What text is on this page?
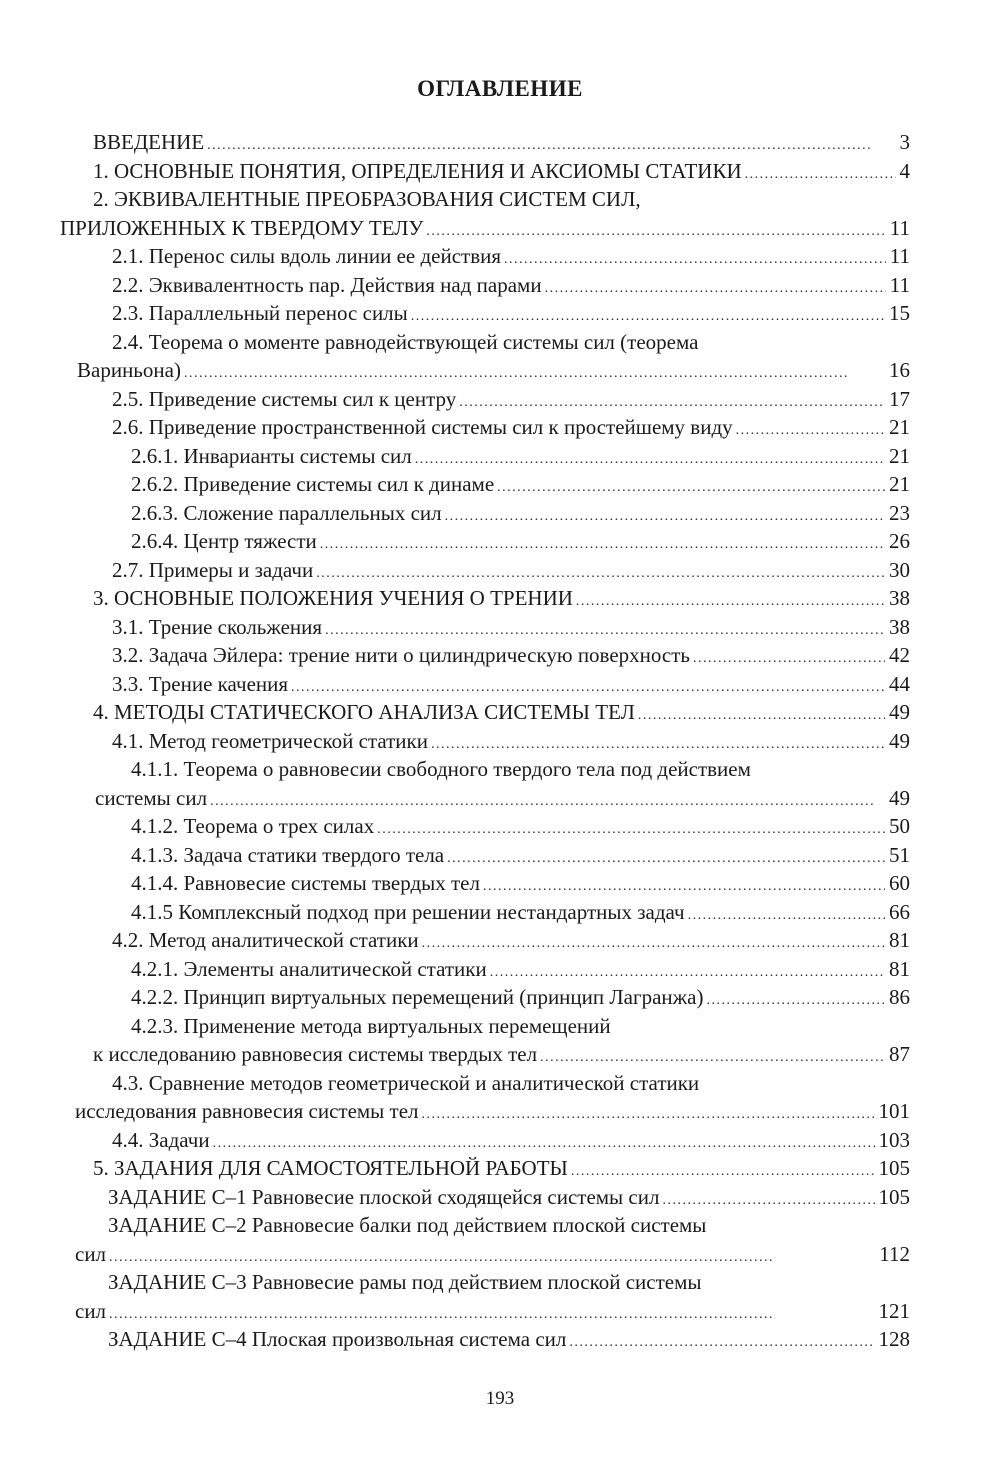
ОГЛАВЛЕНИЕ
ВВЕДЕНИЕ . . .	3
1. ОСНОВНЫЕ ПОНЯТИЯ, ОПРЕДЕЛЕНИЯ И АКСИОМЫ СТАТИКИ . . .	4
2. ЭКВИВАЛЕНТНЫЕ ПРЕОБРАЗОВАНИЯ СИСТЕМ СИЛ,
ПРИЛОЖЕННЫХ К ТВЕРДОМУ ТЕЛУ . . .	11
2.1. Перенос силы вдоль линии ее действия . . .	11
2.2. Эквивалентность пар. Действия над парами . . .	11
2.3. Параллельный перенос силы . . .	15
2.4. Теорема о моменте равнодействующей системы сил (теорема
Вариньона) . . .	16
2.5. Приведение системы сил к центру . . .	17
2.6. Приведение пространственной системы сил к простейшему виду . . .	21
2.6.1. Инварианты системы сил . . .	21
2.6.2. Приведение системы сил к динаме . . .	21
2.6.3. Сложение параллельных сил . . .	23
2.6.4. Центр тяжести . . .	26
2.7. Примеры и задачи . . .	30
3. ОСНОВНЫЕ ПОЛОЖЕНИЯ УЧЕНИЯ О ТРЕНИИ . . .	38
3.1. Трение скольжения . . .	38
3.2. Задача Эйлера: трение нити о цилиндрическую поверхность . . .	42
3.3. Трение качения . . .	44
4. МЕТОДЫ СТАТИЧЕСКОГО АНАЛИЗА СИСТЕМЫ ТЕЛ . . .	49
4.1. Метод геометрической статики . . .	49
4.1.1. Теорема о равновесии свободного твердого тела под действием
системы сил . . .	49
4.1.2. Теорема о трех силах . . .	50
4.1.3. Задача статики твердого тела . . .	51
4.1.4. Равновесие системы твердых тел . . .	60
4.1.5 Комплексный подход при решении нестандартных задач . . .	66
4.2. Метод аналитической статики . . .	81
4.2.1. Элементы аналитической статики . . .	81
4.2.2. Принцип виртуальных перемещений (принцип Лагранжа) . . .	86
4.2.3. Применение метода виртуальных перемещений
к исследованию равновесия системы твердых тел . . .	87
4.3. Сравнение методов геометрической и аналитической статики
исследования равновесия системы тел . . .	101
4.4. Задачи . . .	103
5. ЗАДАНИЯ ДЛЯ САМОСТОЯТЕЛЬНОЙ РАБОТЫ . . .	105
ЗАДАНИЕ С–1 Равновесие плоской сходящейся системы сил . . .	105
ЗАДАНИЕ С–2 Равновесие балки под действием плоской системы
сил . . .	112
ЗАДАНИЕ С–3 Равновесие рамы под действием плоской системы
сил . . .	121
ЗАДАНИЕ С–4 Плоская произвольная система сил . . .	128
193
